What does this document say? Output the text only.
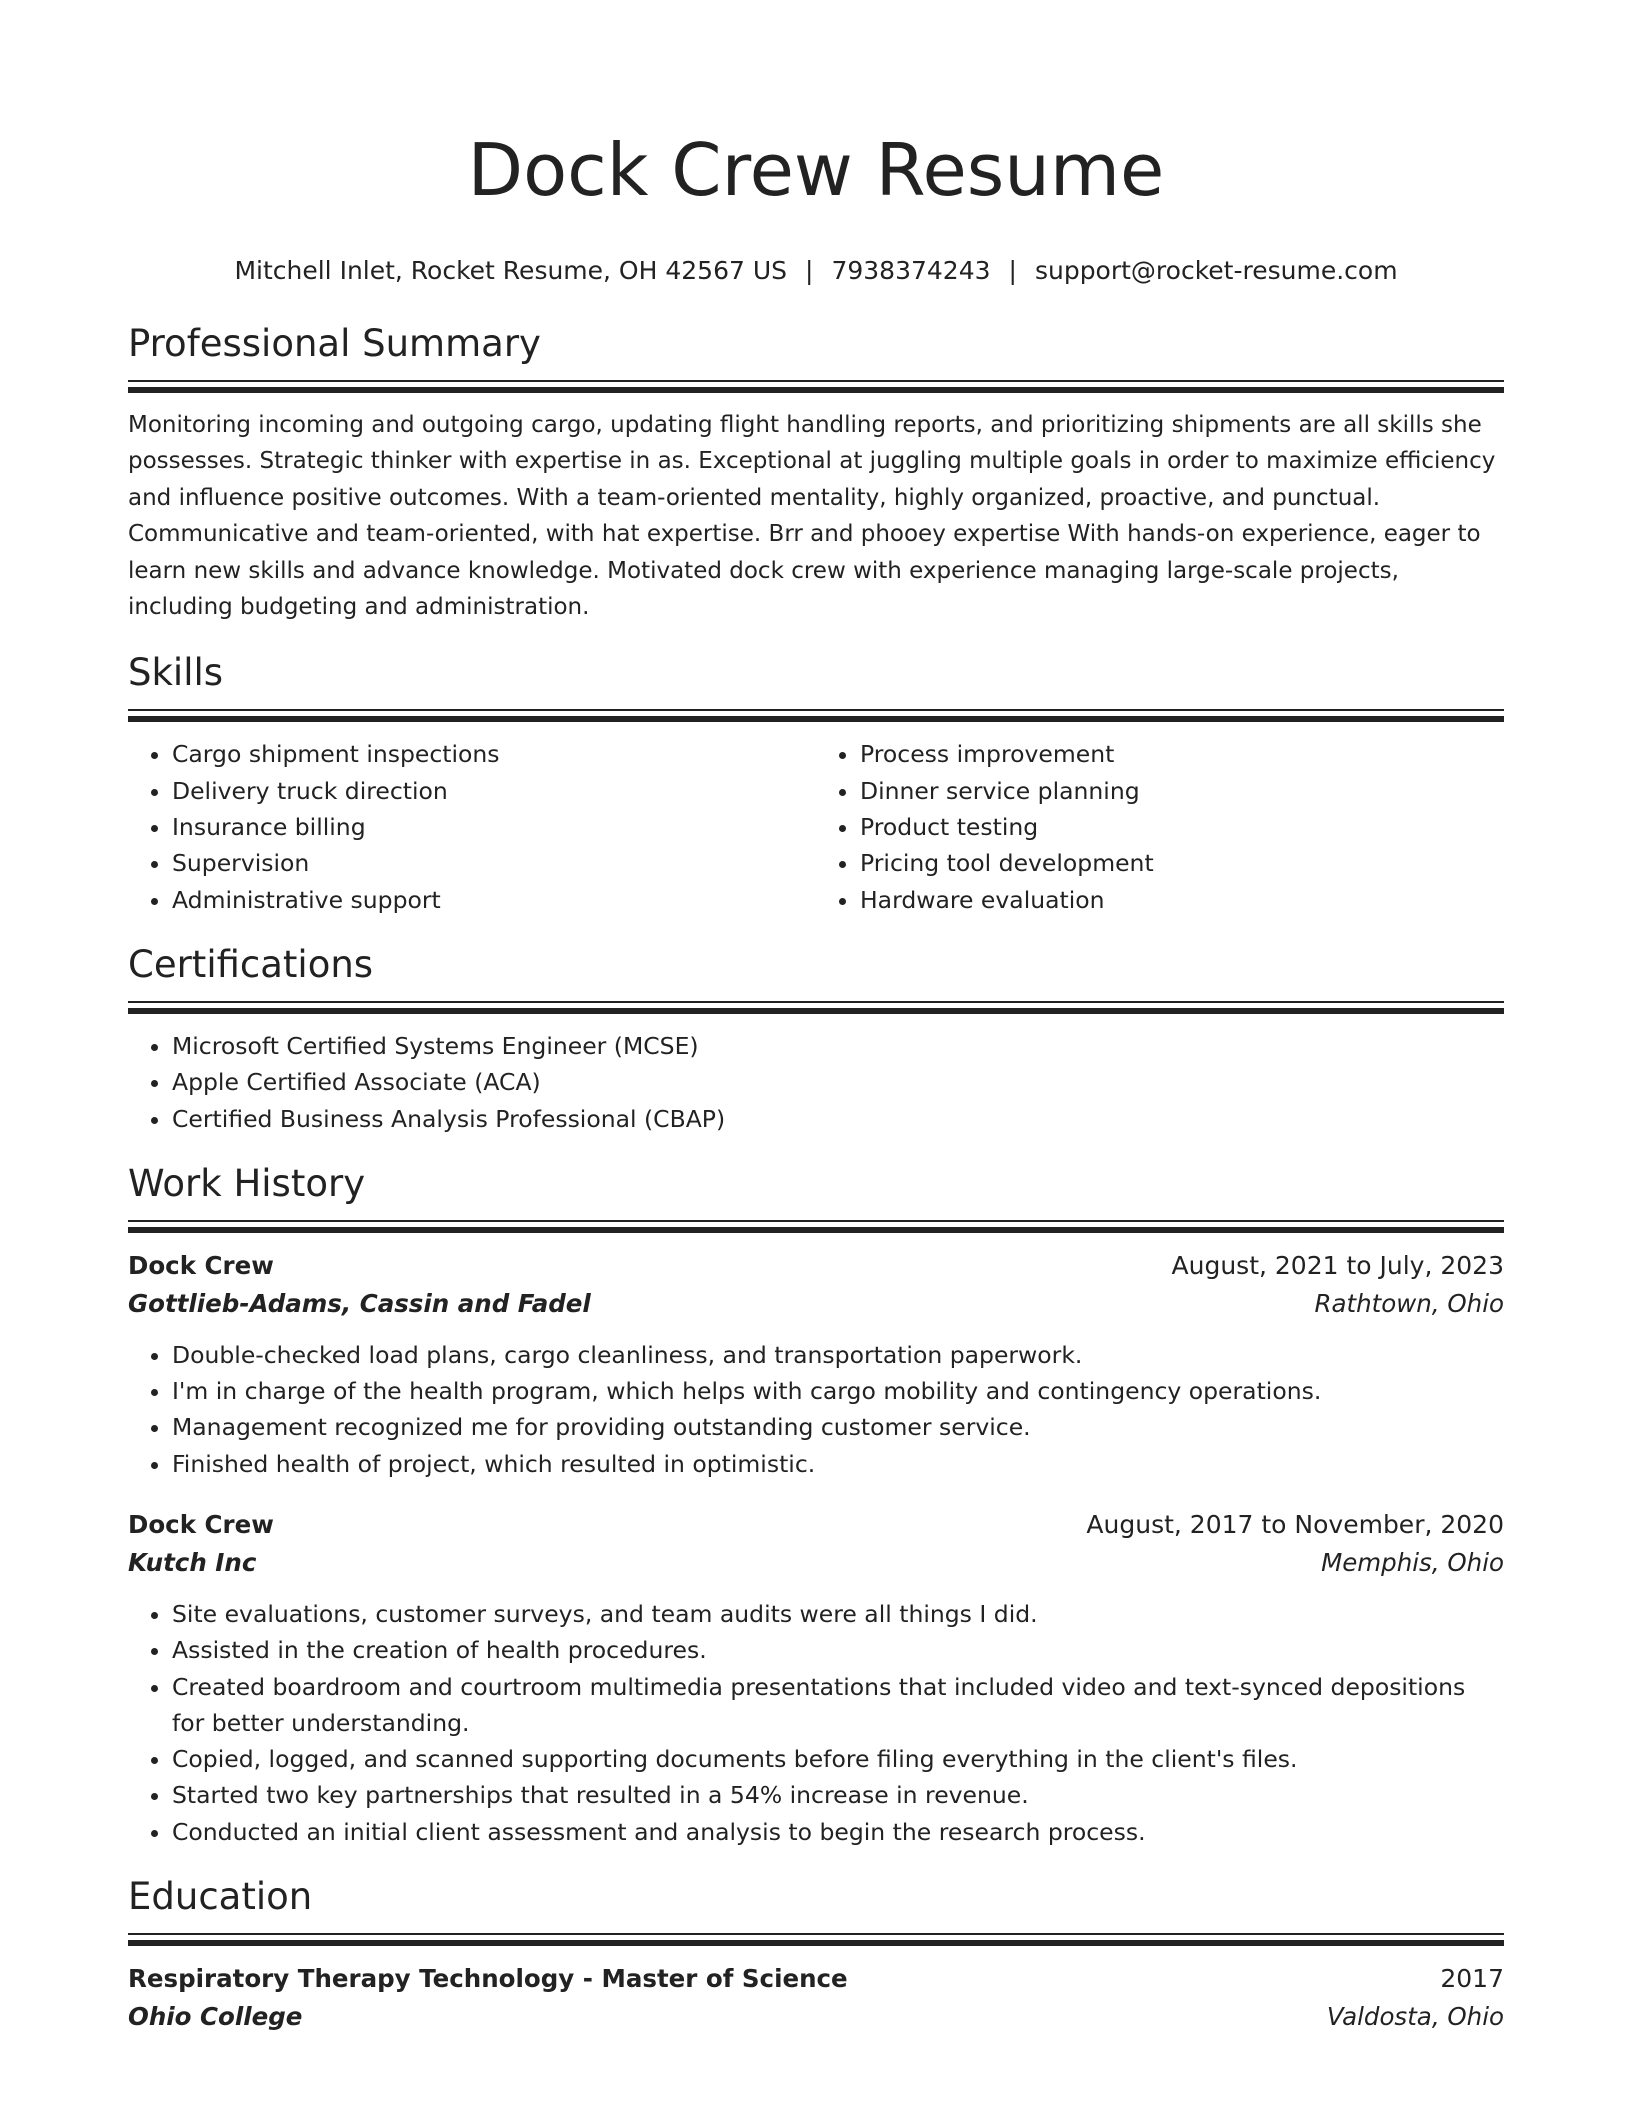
Dock Crew Resume
Mitchell Inlet, Rocket Resume, OH 42567 US | 7938374243 | support@rocket-resume.com
Professional Summary

Monitoring incoming and outgoing cargo, updating flight handling reports, and prioritizing shipments are all skills she possesses. Strategic thinker with expertise in as. Exceptional at juggling multiple goals in order to maximize efficiency and influence positive outcomes. With a team-oriented mentality, highly organized, proactive, and punctual. Communicative and team-oriented, with hat expertise. Brr and phooey expertise With hands-on experience, eager to learn new skills and advance knowledge. Motivated dock crew with experience managing large-scale projects, including budgeting and administration.

Skills
• Cargo shipment inspections
• Delivery truck direction
• Insurance billing
• Supervision
• Administrative support
• Process improvement
• Dinner service planning
• Product testing
• Pricing tool development
• Hardware evaluation
Certifications
• Microsoft Certified Systems Engineer (MCSE)
• Apple Certified Associate (ACA)
• Certified Business Analysis Professional (CBAP)
Work History
Dock Crew	August, 2021 to July, 2023
Gottlieb-Adams, Cassin and Fadel	Rathtown, Ohio
• Double-checked load plans, cargo cleanliness, and transportation paperwork.
• I'm in charge of the health program, which helps with cargo mobility and contingency operations.
• Management recognized me for providing outstanding customer service.
• Finished health of project, which resulted in optimistic.
Dock Crew	August, 2017 to November, 2020
Kutch Inc	Memphis, Ohio
• Site evaluations, customer surveys, and team audits were all things I did.
• Assisted in the creation of health procedures.
• Created boardroom and courtroom multimedia presentations that included video and text-synced depositions for better understanding.
• Copied, logged, and scanned supporting documents before filing everything in the client's files.
• Started two key partnerships that resulted in a 54% increase in revenue.
• Conducted an initial client assessment and analysis to begin the research process.
Education
Respiratory Therapy Technology - Master of Science	2017
Ohio College	Valdosta, Ohio
